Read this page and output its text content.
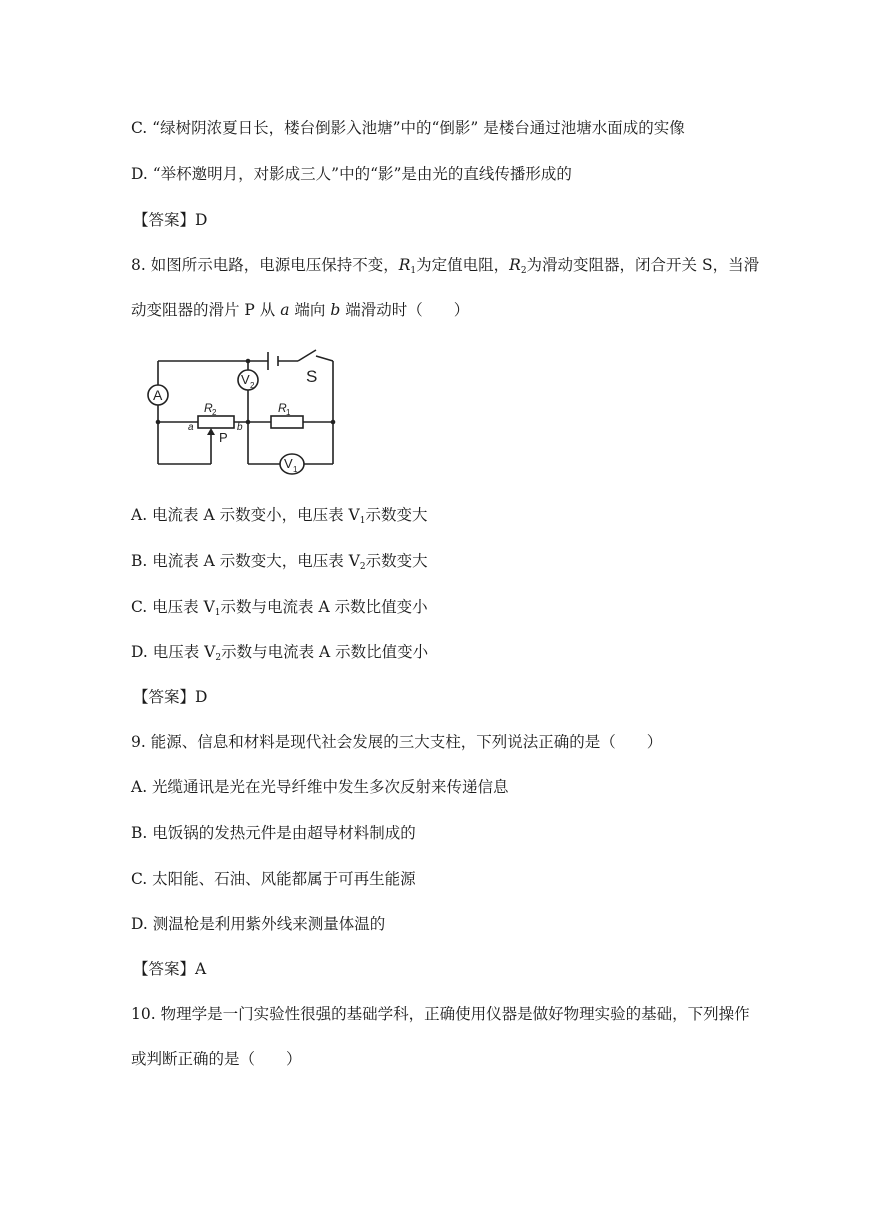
C. “绿树阴浓夏日长，楼台倒影入池塘”中的“倒影” 是楼台通过池塘水面成的实像
D. “举杯邀明月，对影成三人”中的“影”是由光的直线传播形成的
【答案】D
8. 如图所示电路，电源电压保持不变，$R_1$为定值电阻，$R_2$为滑动变阻器，闭合开关 S，当滑
动变阻器的滑片 P 从 a 端向 b 端滑动时（　　）
A
V 2
V 1
S
R 2	R 1
a	b
P
A. 电流表 A 示数变小，电压表 $V_1$示数变大
B. 电流表 A 示数变大，电压表 $V_2$示数变大
C. 电压表 $V_1$示数与电流表 A 示数比值变小
D. 电压表 $V_2$示数与电流表 A 示数比值变小
【答案】D
9. 能源、信息和材料是现代社会发展的三大支柱，下列说法正确的是（　　）
A. 光缆通讯是光在光导纤维中发生多次反射来传递信息
B. 电饭锅的发热元件是由超导材料制成的
C. 太阳能、石油、风能都属于可再生能源
D. 测温枪是利用紫外线来测量体温的
【答案】A
10. 物理学是一门实验性很强的基础学科，正确使用仪器是做好物理实验的基础，下列操作
或判断正确的是（　　）
